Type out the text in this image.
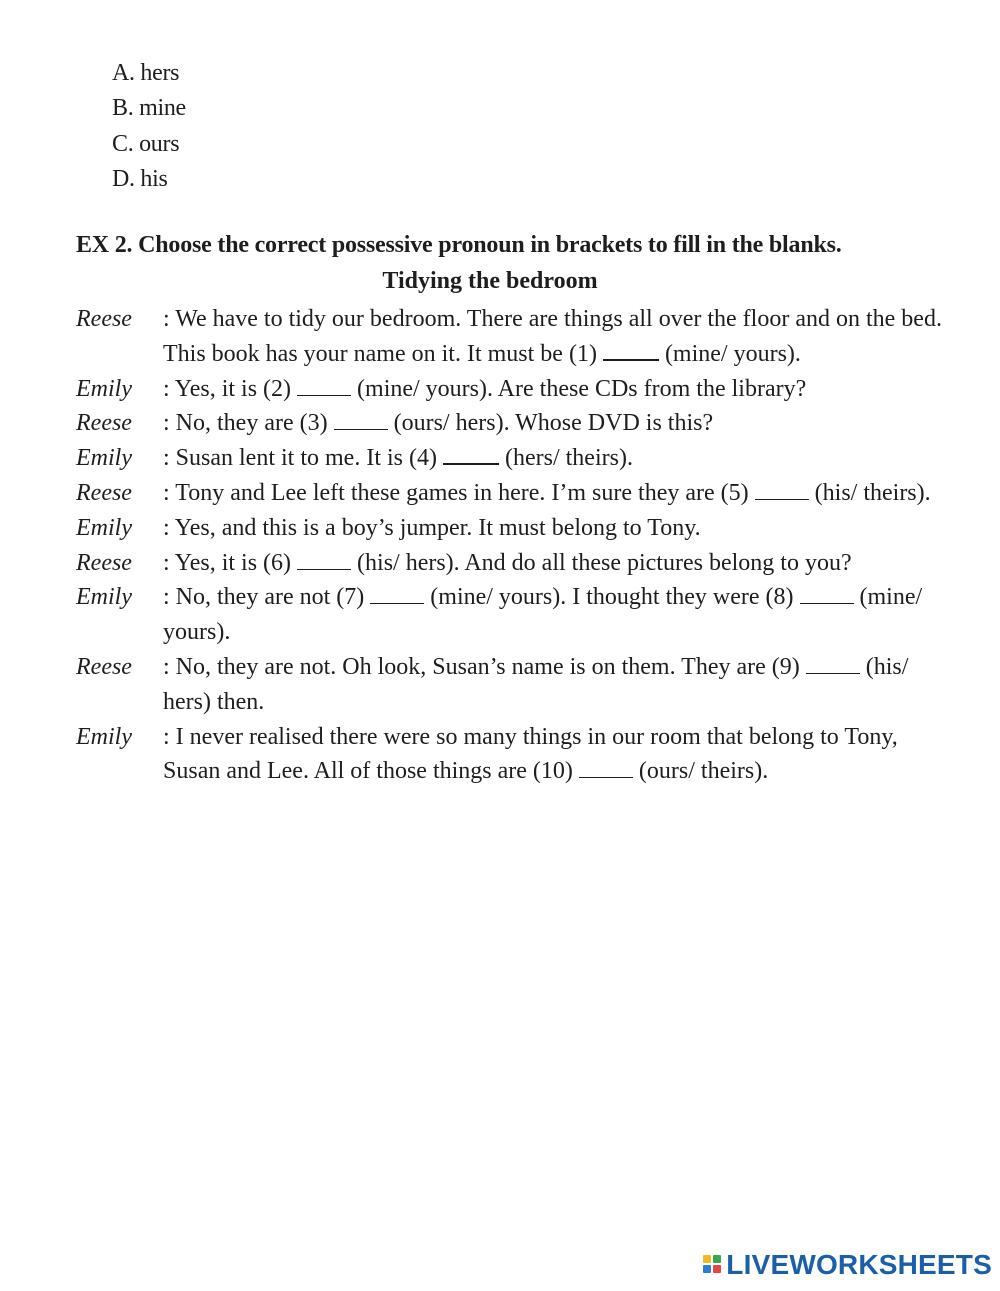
A. hers
B. mine
C. ours
D. his
EX 2. Choose the correct possessive pronoun in brackets to fill in the blanks.
Tidying the bedroom
Reese : We have to tidy our bedroom. There are things all over the floor and on the bed. This book has your name on it. It must be (1)  (mine/ yours).
Emily : Yes, it is (2)  (mine/ yours). Are these CDs from the library?
Reese : No, they are (3)  (ours/ hers). Whose DVD is this?
Emily : Susan lent it to me. It is (4)  (hers/ theirs).
Reese : Tony and Lee left these games in here. I’m sure they are (5)  (his/ theirs).
Emily : Yes, and this is a boy’s jumper. It must belong to Tony.
Reese : Yes, it is (6)  (his/ hers). And do all these pictures belong to you?
Emily : No, they are not (7)  (mine/ yours). I thought they were (8)  (mine/ yours).
Reese : No, they are not. Oh look, Susan’s name is on them. They are (9)  (his/ hers) then.
Emily : I never realised there were so many things in our room that belong to Tony, Susan and Lee. All of those things are (10)  (ours/ theirs).
LIVEWORKSHEETS
